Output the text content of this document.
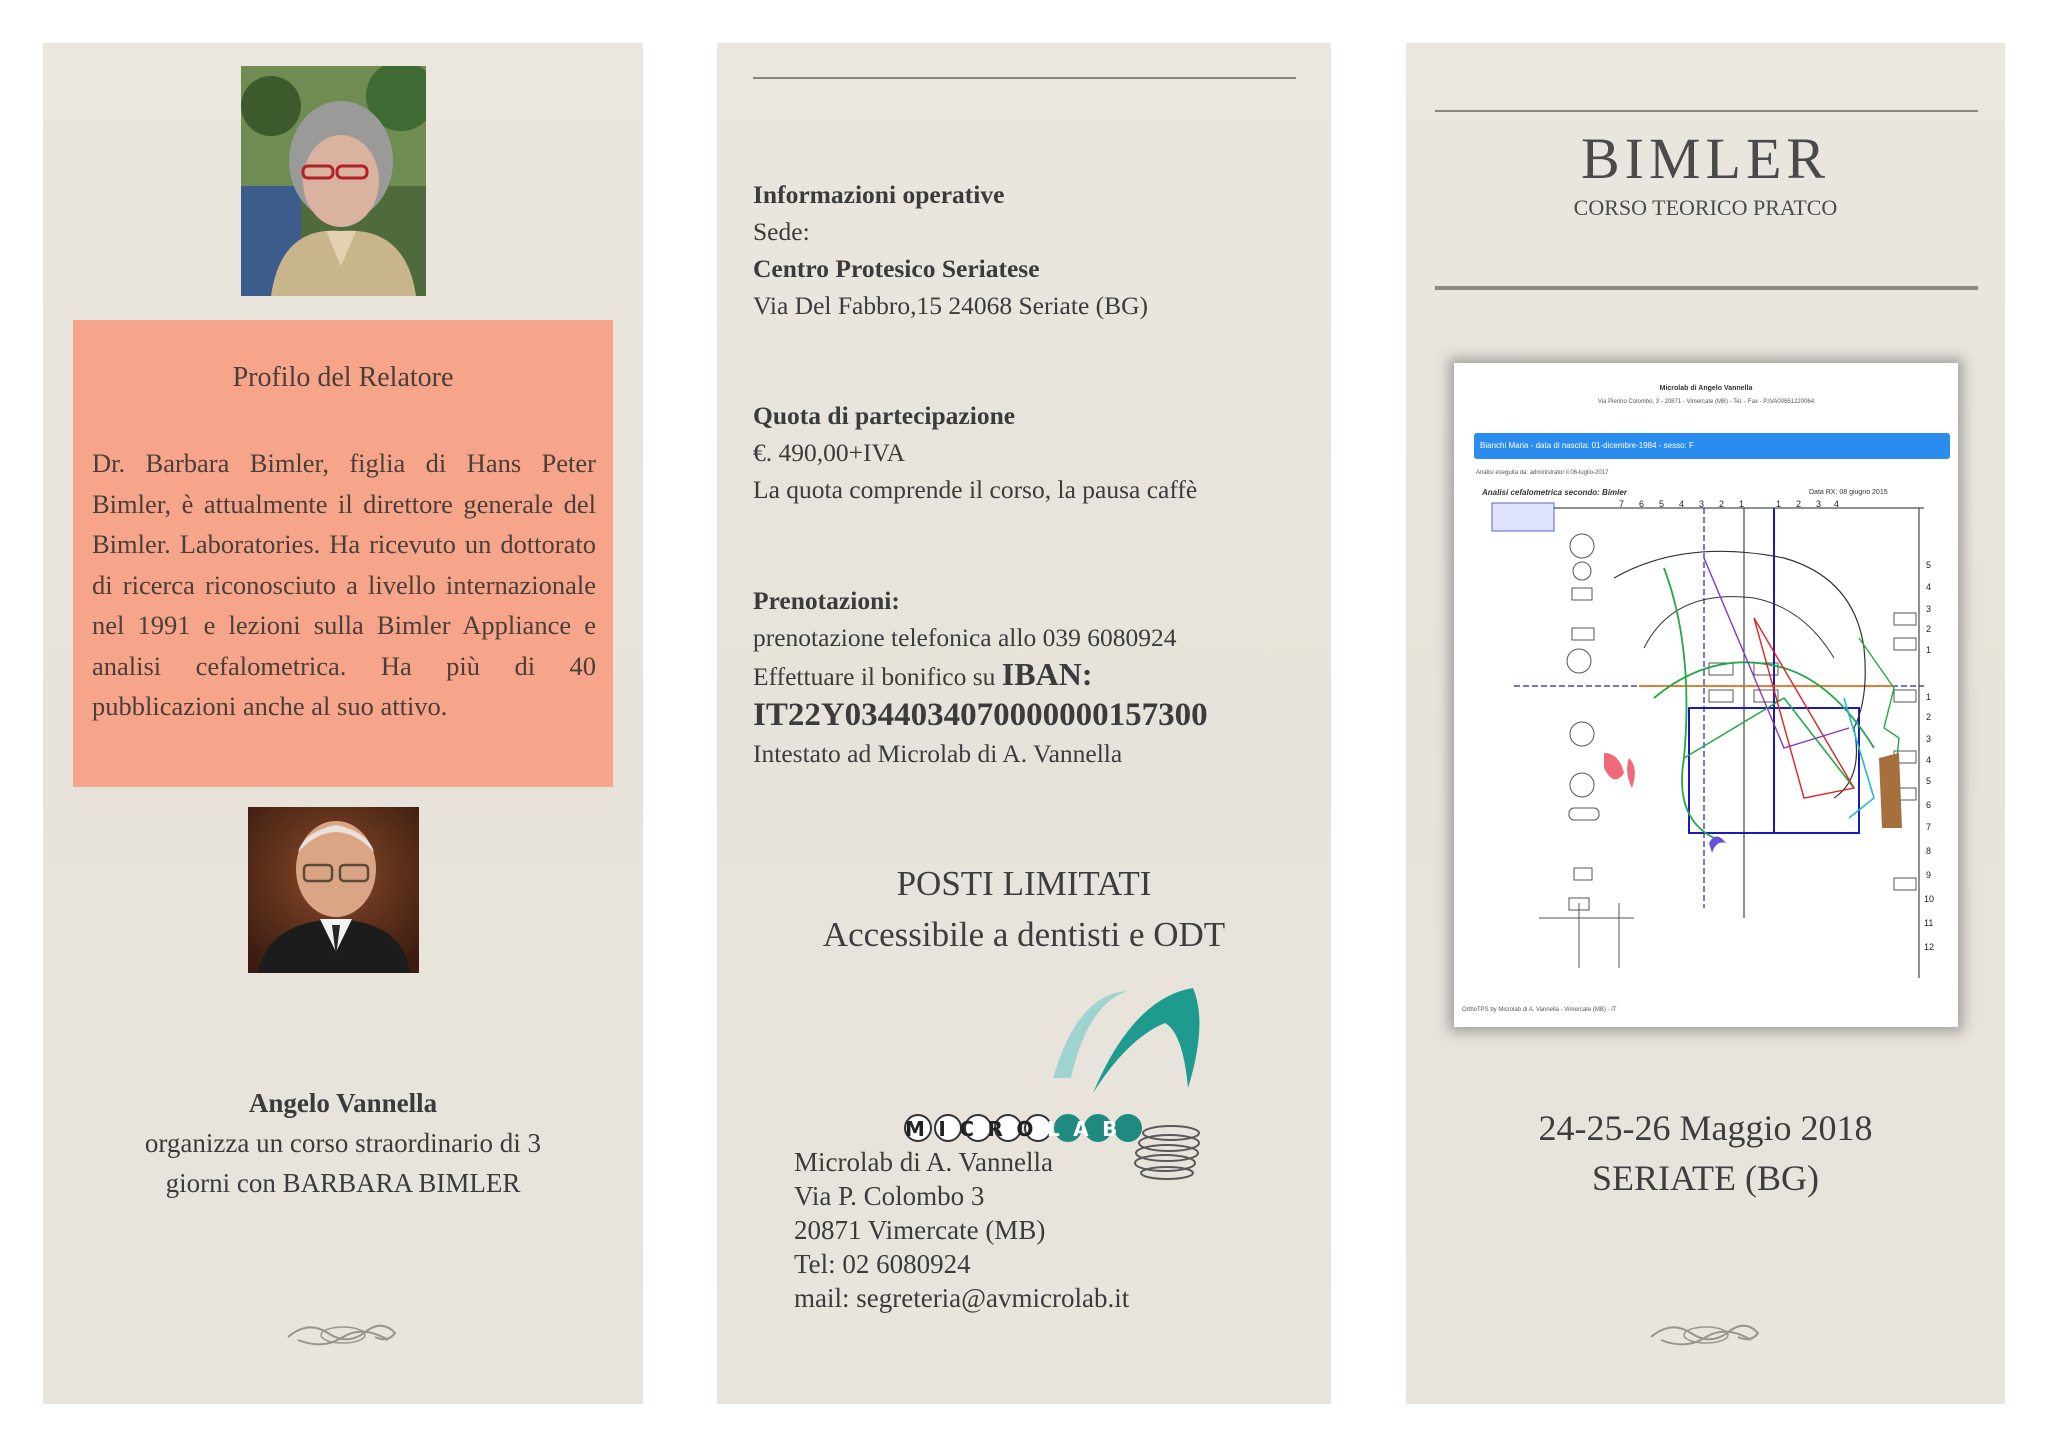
Profilo del Relatore
Dr. Barbara Bimler, figlia di Hans Peter Bimler, è attualmente il direttore generale del Bimler. Laboratories. Ha ricevuto un dottorato di ricerca riconosciuto a livello internazionale nel 1991 e lezioni sulla Bimler Appliance e analisi cefalometrica. Ha più di 40 pubblicazioni anche al suo attivo.
Angelo Vannella
organizza un corso straordinario di 3
giorni con BARBARA BIMLER
Informazioni operative
Sede:
Centro Protesico Seriatese
Via Del Fabbro,15 24068 Seriate (BG)
Quota di partecipazione
€. 490,00+IVA
La quota comprende il corso, la pausa caffè
Prenotazioni:
prenotazione telefonica allo 039 6080924
Effettuare il bonifico su IBAN:
IT22Y0344034070000000157300
Intestato ad Microlab di A. Vannella
POSTI LIMITATI
Accessibile a dentisti e ODT
MICROLAB
Microlab di A. Vannella
Via P. Colombo 3
20871 Vimercate (MB)
Tel: 02 6080924
mail: segreteria@avmicrolab.it
BIMLER
CORSO TEORICO PRATCO
Microlab di Angelo Vannella
Via Pierino Colombo, 3 - 20871 - Vimercate (MB) - Tel. - Fax - P.IVA00651220064
Bianchi Maria - data di nascita: 01-dicembre-1984 - sesso: F
Analisi eseguita da: administrator il 06-luglio-2017
Analisi cefalometrica secondo: Bimler	Data RX: 08 giugno 2015
7 6 5 4 3 2 1	1 2 3 4
5
4
3
2
1
1
2
3
4
5
6
7
8
9
10
11
12
OrthoTPS by Microlab di A. Vannella - Vimercate (MB) - IT
24-25-26 Maggio 2018
SERIATE (BG)
